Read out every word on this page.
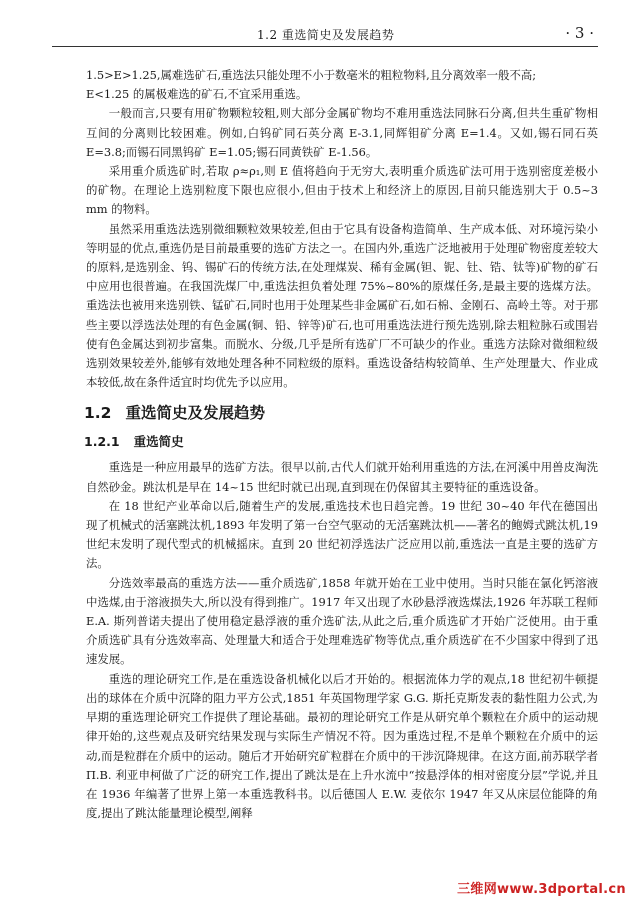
1.2 重选简史及发展趋势	· 3 ·

1.5>E>1.25,属难选矿石,重选法只能处理不小于数毫米的粗粒物料,且分离效率一般不高;

E<1.25 的属极难选的矿石,不宜采用重选。

一般而言,只要有用矿物颗粒较粗,则大部分金属矿物均不难用重选法同脉石分离,但共生重矿物相互间的分离则比较困难。例如,白钨矿同石英分离 E-3.1,同辉钼矿分离 E=1.4。又如,锡石同石英 E=3.8;而锡石同黑钨矿 E=1.05;锡石同黄铁矿 E-1.56。

采用重介质选矿时,若取 ρ≈ρ₁,则 E 值将趋向于无穷大,表明重介质选矿法可用于选别密度差极小的矿物。在理论上选别粒度下限也应很小,但由于技术上和经济上的原因,目前只能选别大于 0.5~3 mm 的物料。

虽然采用重选法选别微细颗粒效果较差,但由于它具有设备构造简单、生产成本低、对环境污染小等明显的优点,重选仍是目前最重要的选矿方法之一。在国内外,重选广泛地被用于处理矿物密度差较大的原料,是选别金、钨、锡矿石的传统方法,在处理煤炭、稀有金属(钽、铌、钍、锆、钛等)矿物的矿石中应用也很普遍。在我国洗煤厂中,重选法担负着处理 75%~80%的原煤任务,是最主要的选煤方法。重选法也被用来选别铁、锰矿石,同时也用于处理某些非金属矿石,如石棉、金刚石、高岭土等。对于那些主要以浮选法处理的有色金属(铜、铅、锌等)矿石,也可用重选法进行预先选别,除去粗粒脉石或围岩使有色金属达到初步富集。而脱水、分级,几乎是所有选矿厂不可缺少的作业。重选方法除对微细粒级选别效果较差外,能够有效地处理各种不同粒级的原料。重选设备结构较简单、生产处理量大、作业成本较低,故在条件适宜时均优先予以应用。

1.2 重选简史及发展趋势
1.2.1 重选简史

重选是一种应用最早的选矿方法。很早以前,古代人们就开始利用重选的方法,在河溪中用兽皮淘洗自然砂金。跳汰机是早在 14~15 世纪时就已出现,直到现在仍保留其主要特征的重选设备。

在 18 世纪产业革命以后,随着生产的发展,重选技术也日趋完善。19 世纪 30~40 年代在德国出现了机械式的活塞跳汰机,1893 年发明了第一台空气驱动的无活塞跳汰机——著名的鲍姆式跳汰机,19 世纪末发明了现代型式的机械摇床。直到 20 世纪初浮选法广泛应用以前,重选法一直是主要的选矿方法。

分选效率最高的重选方法——重介质选矿,1858 年就开始在工业中使用。当时只能在氯化钙溶液中选煤,由于溶液损失大,所以没有得到推广。1917 年又出现了水砂悬浮液选煤法,1926 年苏联工程师 E.A. 斯列普诺夫提出了使用稳定悬浮液的重介选矿法,从此之后,重介质选矿才开始广泛使用。由于重介质选矿具有分选效率高、处理量大和适合于处理难选矿物等优点,重介质选矿在不少国家中得到了迅速发展。

重选的理论研究工作,是在重选设备机械化以后才开始的。根据流体力学的观点,18 世纪初牛顿提出的球体在介质中沉降的阻力平方公式,1851 年英国物理学家 G.G. 斯托克斯发表的黏性阻力公式,为早期的重选理论研究工作提供了理论基础。最初的理论研究工作是从研究单个颗粒在介质中的运动规律开始的,这些观点及研究结果发现与实际生产情况不符。因为重选过程,不是单个颗粒在介质中的运动,而是粒群在介质中的运动。随后才开始研究矿粒群在介质中的干涉沉降规律。在这方面,前苏联学者 П.В. 利亚申柯做了广泛的研究工作,提出了跳汰是在上升水流中“按悬浮体的相对密度分层”学说,并且在 1936 年编著了世界上第一本重选教科书。以后德国人 E.W. 麦依尔 1947 年又从床层位能降的角度,提出了跳汰能量理论模型,阐释

三维网www.3dportal.cn
